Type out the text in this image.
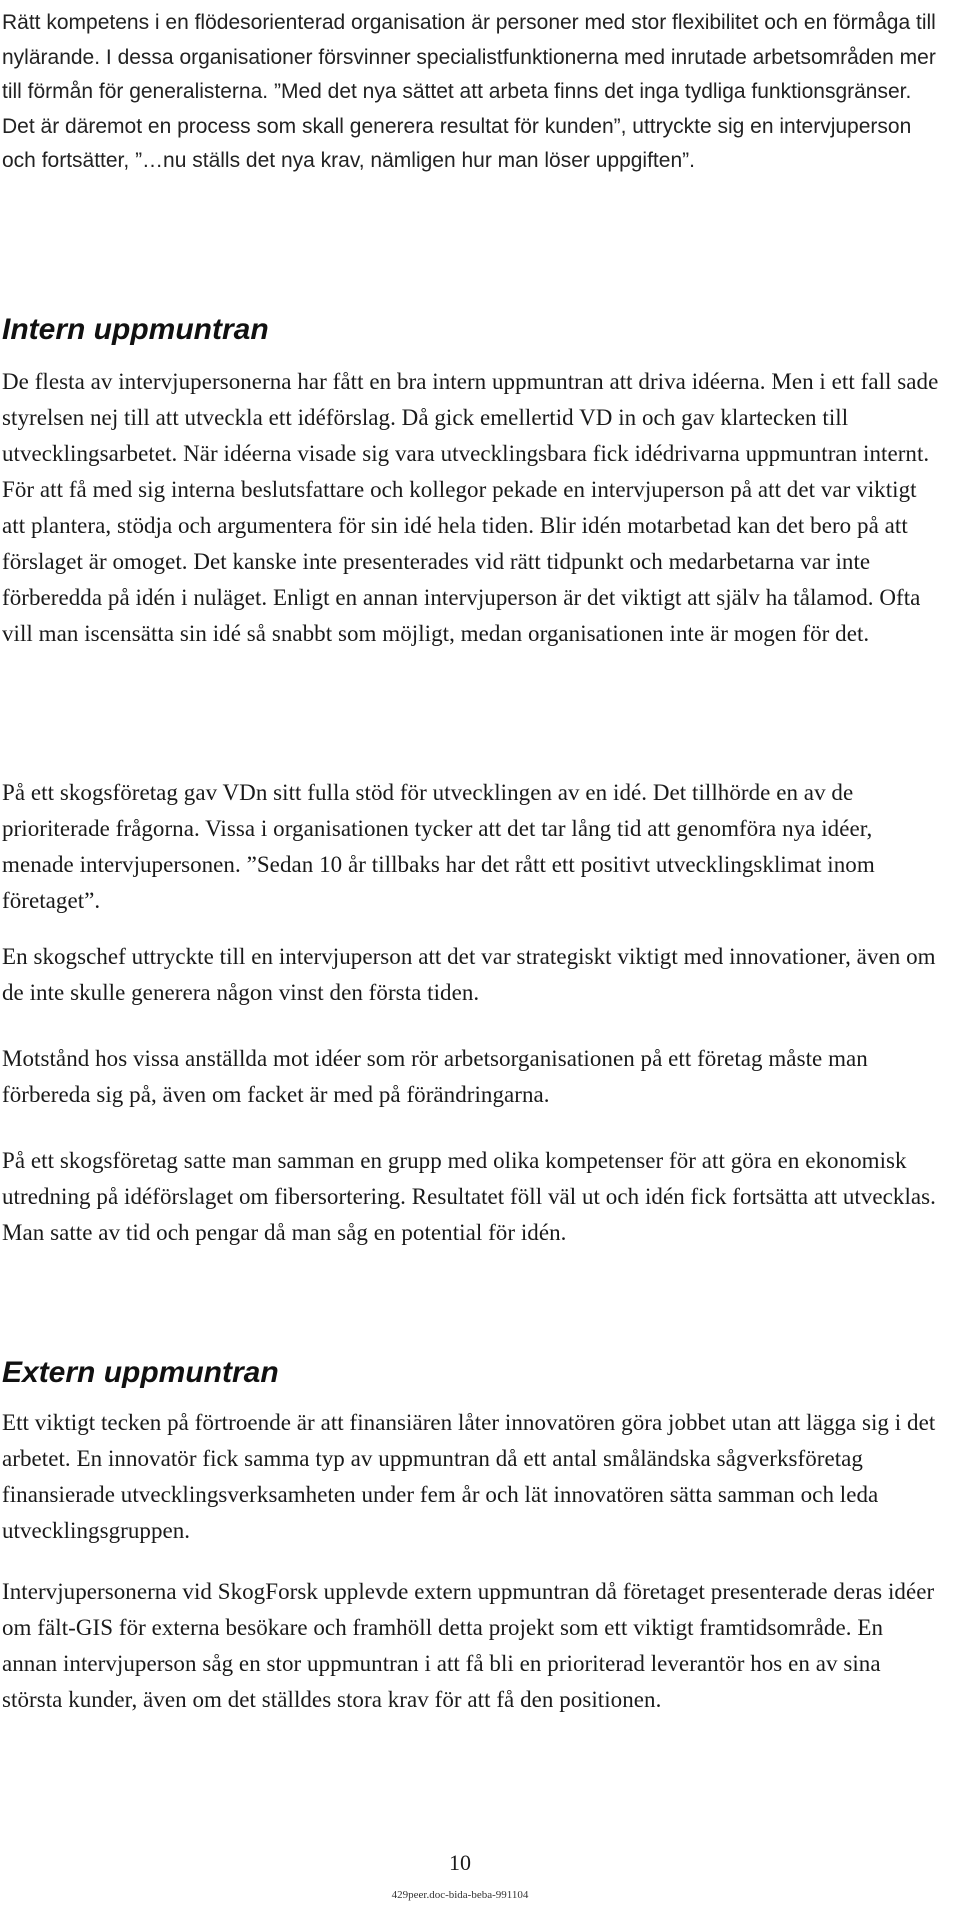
Rätt kompetens i en flödesorienterad organisation är personer med stor flexibilitet och en förmåga till nylärande. I dessa organisationer försvinner specialistfunktionerna med inrutade arbetsområden mer till förmån för generalisterna. ”Med det nya sättet att arbeta finns det inga tydliga funktionsgränser. Det är däremot en process som skall generera resultat för kunden”, uttryckte sig en intervjuperson och fortsätter, ”…nu ställs det nya krav, nämligen hur man löser uppgiften”.

Intern uppmuntran

De flesta av intervjupersonerna har fått en bra intern uppmuntran att driva idéerna. Men i ett fall sade styrelsen nej till att utveckla ett idéförslag. Då gick emellertid VD in och gav klartecken till utvecklingsarbetet. När idéerna visade sig vara utvecklingsbara fick idédrivarna uppmuntran internt. För att få med sig interna beslutsfattare och kollegor pekade en intervjuperson på att det var viktigt att plantera, stödja och argumentera för sin idé hela tiden. Blir idén motarbetad kan det bero på att förslaget är omoget. Det kanske inte presenterades vid rätt tidpunkt och medarbetarna var inte förberedda på idén i nuläget. Enligt en annan intervjuperson är det viktigt att själv ha tålamod. Ofta vill man iscensätta sin idé så snabbt som möjligt, medan organisationen inte är mogen för det.

På ett skogsföretag gav VDn sitt fulla stöd för utvecklingen av en idé. Det tillhörde en av de prioriterade frågorna. Vissa i organisationen tycker att det tar lång tid att genomföra nya idéer, menade intervjupersonen. ”Sedan 10 år tillbaks har det rått ett positivt utvecklingsklimat inom företaget”.

En skogschef uttryckte till en intervjuperson att det var strategiskt viktigt med innovationer, även om de inte skulle generera någon vinst den första tiden.

Motstånd hos vissa anställda mot idéer som rör arbetsorganisationen på ett företag måste man förbereda sig på, även om facket är med på förändringarna.

På ett skogsföretag satte man samman en grupp med olika kompetenser för att göra en ekonomisk utredning på idéförslaget om fibersortering. Resultatet föll väl ut och idén fick fortsätta att utvecklas. Man satte av tid och pengar då man såg en potential för idén.

Extern uppmuntran

Ett viktigt tecken på förtroende är att finansiären låter innovatören göra jobbet utan att lägga sig i det arbetet. En innovatör fick samma typ av uppmuntran då ett antal småländska sågverksföretag finansierade utvecklingsverksamheten under fem år och lät innovatören sätta samman och leda utvecklingsgruppen.

Intervjupersonerna vid SkogForsk upplevde extern uppmuntran då företaget presenterade deras idéer om fält-GIS för externa besökare och framhöll detta projekt som ett viktigt framtidsområde. En annan intervjuperson såg en stor uppmuntran i att få bli en prioriterad leverantör hos en av sina största kunder, även om det ställdes stora krav för att få den positionen.

10
429peer.doc-bida-beba-991104
